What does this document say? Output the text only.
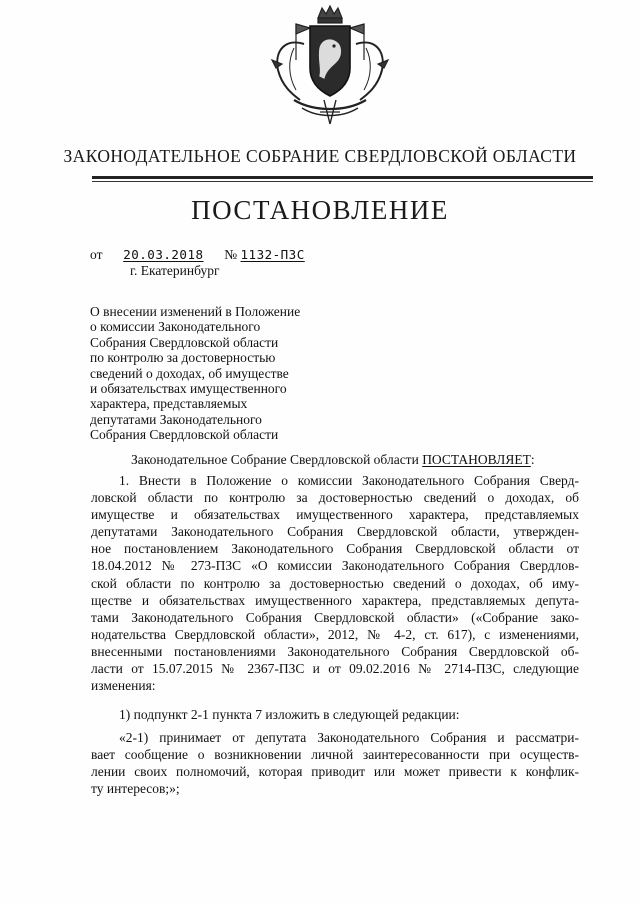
ЗАКОНОДАТЕЛЬНОЕ СОБРАНИЕ СВЕРДЛОВСКОЙ ОБЛАСТИ
ПОСТАНОВЛЕНИЕ
от 20.03.2018 № 1132-ПЗС
г. Екатеринбург
О внесении изменений в Положение
о комиссии Законодательного
Собрания Свердловской области
по контролю за достоверностью
сведений о доходах, об имуществе
и обязательствах имущественного
характера, представляемых
депутатами Законодательного
Собрания Свердловской области
Законодательное Собрание Свердловской области ПОСТАНОВЛЯЕТ:
1. Внести в Положение о комиссии Законодательного Собрания Сверд-
ловской области по контролю за достоверностью сведений о доходах, об
имуществе и обязательствах имущественного характера, представляемых
депутатами Законодательного Собрания Свердловской области, утвержден-
ное постановлением Законодательного Собрания Свердловской области от
18.04.2012 № 273-ПЗС «О комиссии Законодательного Собрания Свердлов-
ской области по контролю за достоверностью сведений о доходах, об иму-
ществе и обязательствах имущественного характера, представляемых депута-
тами Законодательного Собрания Свердловской области» («Собрание зако-
нодательства Свердловской области», 2012, № 4-2, ст. 617), с изменениями,
внесенными постановлениями Законодательного Собрания Свердловской об-
ласти от 15.07.2015 № 2367-ПЗС и от 09.02.2016 № 2714-ПЗС, следующие
изменения:
1) подпункт 2-1 пункта 7 изложить в следующей редакции:
«2-1) принимает от депутата Законодательного Собрания и рассматри-
вает сообщение о возникновении личной заинтересованности при осуществ-
лении своих полномочий, которая приводит или может привести к конфлик-
ту интересов;»;
